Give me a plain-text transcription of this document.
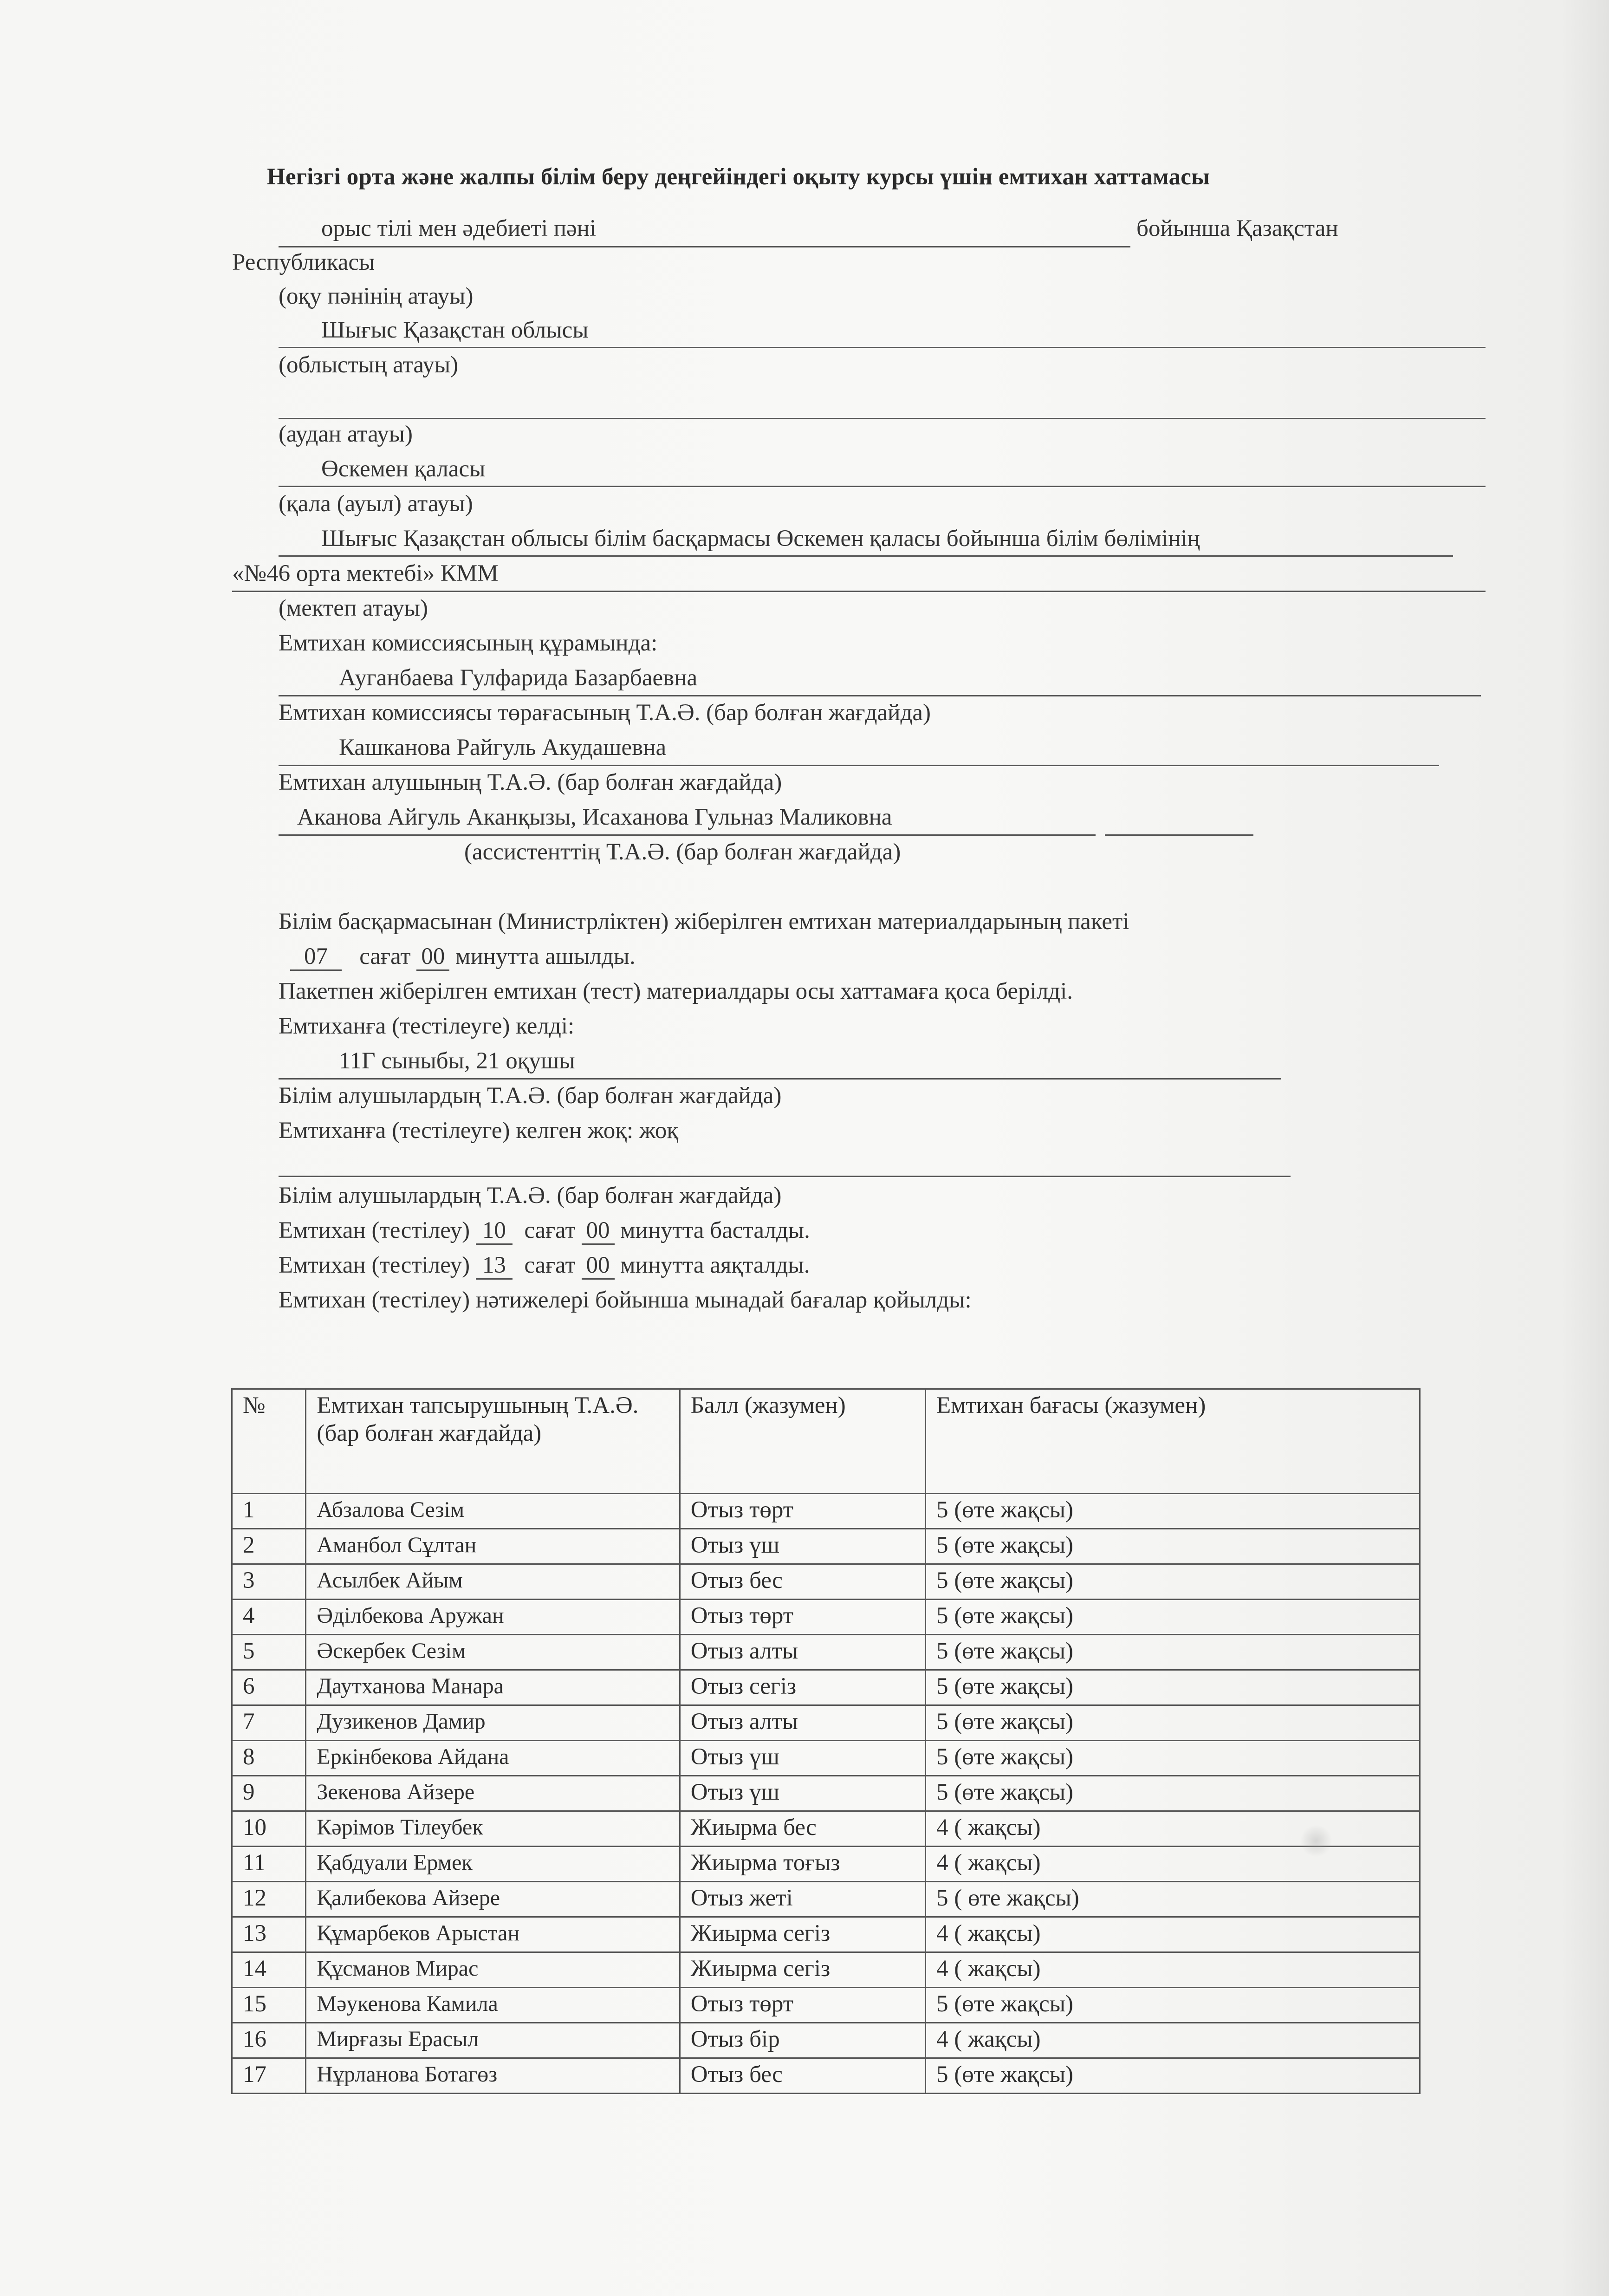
Негізгі орта және жалпы білім беру деңгейіндегі оқыту курсы үшін емтихан хаттамасы
орыс тілі мен әдебиеті пәні	бойынша Қазақстан
Республикасы
(оқу пәнінің атауы)
Шығыс Қазақстан облысы
(облыстың атауы)
(аудан атауы)
Өскемен қаласы
(қала (ауыл) атауы)
Шығыс Қазақстан облысы білім басқармасы Өскемен қаласы бойынша білім бөлімінің
«№46 орта мектебі» КММ
(мектеп атауы)
Емтихан комиссиясының құрамында:
Ауганбаева Гулфарида Базарбаевна
Емтихан комиссиясы төрағасының Т.А.Ә. (бар болған жағдайда)
Кашканова Райгуль Акудашевна
Емтихан алушының Т.А.Ә. (бар болған жағдайда)
Аканова Айгуль Аканқызы, Исаханова Гульназ Маликовна
(ассистенттің Т.А.Ә. (бар болған жағдайда)
Білім басқармасынан (Министрліктен) жіберілген емтихан материалдарының пакеті
07 сағат 00 минутта ашылды.
Пакетпен жіберілген емтихан (тест) материалдары осы хаттамаға қоса берілді.
Емтиханға (тестілеуге) келді:
11Г сыныбы, 21 оқушы
Білім алушылардың Т.А.Ә. (бар болған жағдайда)
Емтиханға (тестілеуге) келген жоқ: жоқ
Білім алушылардың Т.А.Ә. (бар болған жағдайда)
Емтихан (тестілеу) 10 сағат 00 минутта басталды.
Емтихан (тестілеу) 13 сағат 00 минутта аяқталды.
Емтихан (тестілеу) нәтижелері бойынша мынадай бағалар қойылды:
№	Емтихан тапсырушының Т.А.Ә. (бар болған жағдайда)	Балл (жазумен)	Емтихан бағасы (жазумен)
1	Абзалова Сезім	Отыз төрт	5 (өте жақсы)
2	Аманбол Сұлтан	Отыз үш	5 (өте жақсы)
3	Асылбек Айым	Отыз бес	5 (өте жақсы)
4	Әділбекова Аружан	Отыз төрт	5 (өте жақсы)
5	Әскербек Сезім	Отыз алты	5 (өте жақсы)
6	Даутханова Манара	Отыз сегіз	5 (өте жақсы)
7	Дузикенов Дамир	Отыз алты	5 (өте жақсы)
8	Еркінбекова Айдана	Отыз үш	5 (өте жақсы)
9	Зекенова Айзере	Отыз үш	5 (өте жақсы)
10	Кәрімов Тілеубек	Жиырма бес	4 ( жақсы)
11	Қабдуали Ермек	Жиырма тоғыз	4 ( жақсы)
12	Қалибекова Айзере	Отыз жеті	5 ( өте жақсы)
13	Құмарбеков Арыстан	Жиырма сегіз	4 ( жақсы)
14	Құсманов Мирас	Жиырма сегіз	4 ( жақсы)
15	Мәукенова Камила	Отыз төрт	5 (өте жақсы)
16	Мирғазы Ерасыл	Отыз бір	4 ( жақсы)
17	Нұрланова Ботагөз	Отыз бес	5 (өте жақсы)
